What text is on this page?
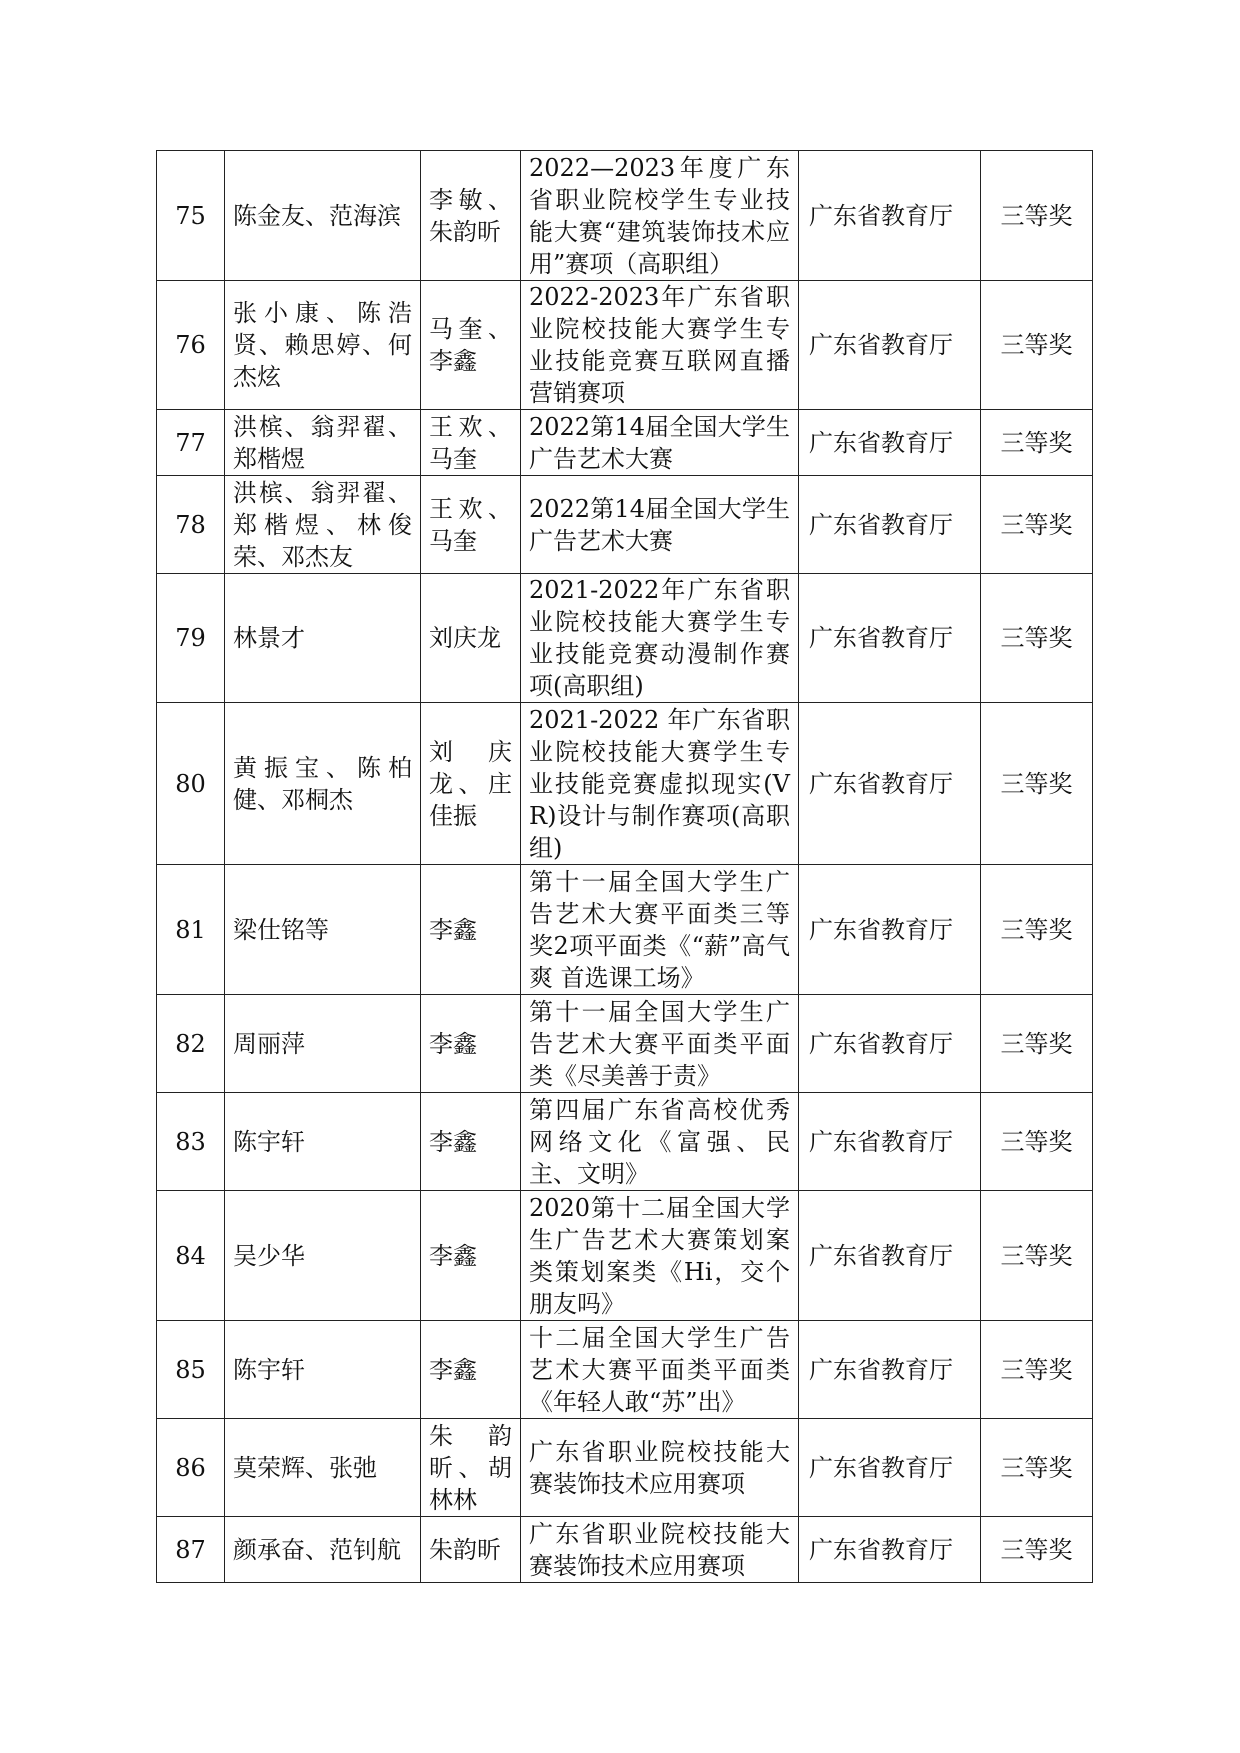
75	陈金友、范海滨	李敏、朱韵昕	2022—2023年度广东省职业院校学生专业技能大赛“建筑装饰技术应用”赛项（高职组）	广东省教育厅	三等奖
76	张小康、陈浩贤、赖思婷、何杰炫	马奎、李鑫	2022-2023年广东省职业院校技能大赛学生专业技能竞赛互联网直播营销赛项	广东省教育厅	三等奖
77	洪槟、翁羿翟、郑楷煜	王欢、马奎	2022第14届全国大学生广告艺术大赛	广东省教育厅	三等奖
78	洪槟、翁羿翟、郑楷煜、林俊荣、邓杰友	王欢、马奎	2022第14届全国大学生广告艺术大赛	广东省教育厅	三等奖
79	林景才	刘庆龙	2021-2022年广东省职业院校技能大赛学生专业技能竞赛动漫制作赛项(高职组)	广东省教育厅	三等奖
80	黄振宝、陈柏健、邓桐杰	刘庆龙、庄佳振	2021-2022 年广东省职业院校技能大赛学生专业技能竞赛虚拟现实(VR)设计与制作赛项(高职组)	广东省教育厅	三等奖
81	梁仕铭等	李鑫	第十一届全国大学生广告艺术大赛平面类三等奖2项平面类《“薪”高气爽 首选课工场》	广东省教育厅	三等奖
82	周丽萍	李鑫	第十一届全国大学生广告艺术大赛平面类平面类《尽美善于责》	广东省教育厅	三等奖
83	陈宇轩	李鑫	第四届广东省高校优秀网络文化《富强、民主、文明》	广东省教育厅	三等奖
84	吴少华	李鑫	2020第十二届全国大学生广告艺术大赛策划案类策划案类《Hi，交个朋友吗》	广东省教育厅	三等奖
85	陈宇轩	李鑫	十二届全国大学生广告艺术大赛平面类平面类《年轻人敢“苏”出》	广东省教育厅	三等奖
86	莫荣辉、张弛	朱韵昕、胡林林	广东省职业院校技能大赛装饰技术应用赛项	广东省教育厅	三等奖
87	颜承奋、范钊航	朱韵昕	广东省职业院校技能大赛装饰技术应用赛项	广东省教育厅	三等奖
